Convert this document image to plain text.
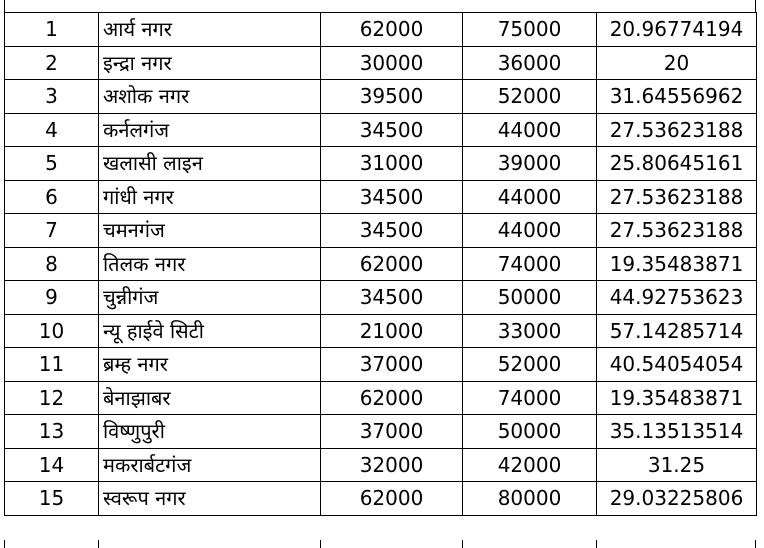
1	आर्य नगर	62000	75000	20.96774194
2	इन्द्रा नगर	30000	36000	20
3	अशोक नगर	39500	52000	31.64556962
4	कर्नलगंज	34500	44000	27.53623188
5	खलासी लाइन	31000	39000	25.80645161
6	गांधी नगर	34500	44000	27.53623188
7	चमनगंज	34500	44000	27.53623188
8	तिलक नगर	62000	74000	19.35483871
9	चुन्नीगंज	34500	50000	44.92753623
10	न्यू हाईवे सिटी	21000	33000	57.14285714
11	ब्रम्ह नगर	37000	52000	40.54054054
12	बेनाझाबर	62000	74000	19.35483871
13	विष्णुपुरी	37000	50000	35.13513514
14	मकरार्बटगंज	32000	42000	31.25
15	स्वरूप नगर	62000	80000	29.03225806
